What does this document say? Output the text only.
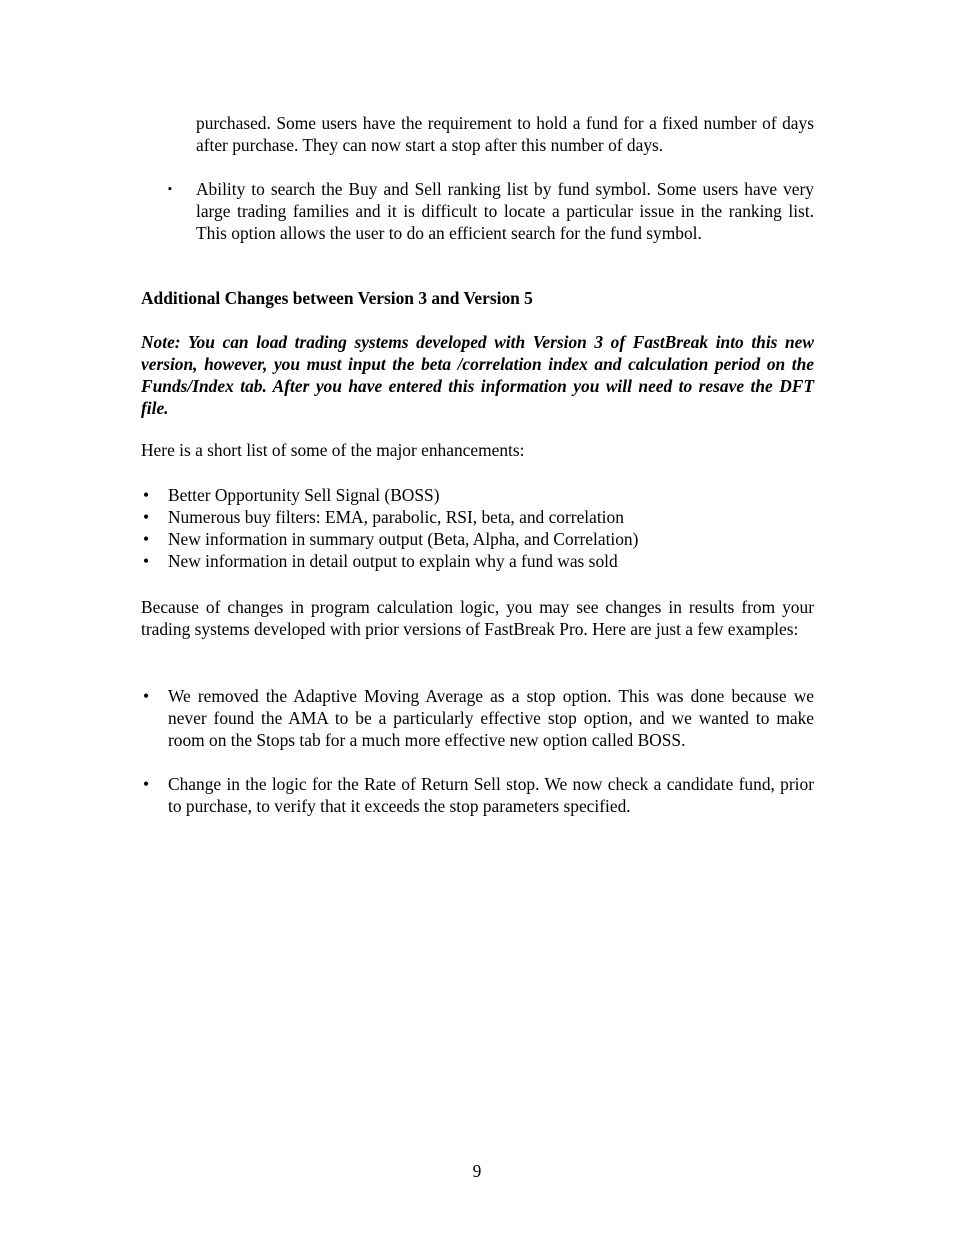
purchased. Some users have the requirement to hold a fund for a fixed number of days after purchase. They can now start a stop after this number of days.

▪ Ability to search the Buy and Sell ranking list by fund symbol. Some users have very large trading families and it is difficult to locate a particular issue in the ranking list. This option allows the user to do an efficient search for the fund symbol.

Additional Changes between Version 3 and Version 5

Note: You can load trading systems developed with Version 3 of FastBreak into this new version, however, you must input the beta /correlation index and calculation period on the Funds/Index tab. After you have entered this information you will need to resave the DFT file.

Here is a short list of some of the major enhancements:

• Better Opportunity Sell Signal (BOSS)
• Numerous buy filters: EMA, parabolic, RSI, beta, and correlation
• New information in summary output (Beta, Alpha, and Correlation)
• New information in detail output to explain why a fund was sold

Because of changes in program calculation logic, you may see changes in results from your trading systems developed with prior versions of FastBreak Pro. Here are just a few examples:

• We removed the Adaptive Moving Average as a stop option. This was done because we never found the AMA to be a particularly effective stop option, and we wanted to make room on the Stops tab for a much more effective new option called BOSS.
• Change in the logic for the Rate of Return Sell stop. We now check a candidate fund, prior to purchase, to verify that it exceeds the stop parameters specified.

9
